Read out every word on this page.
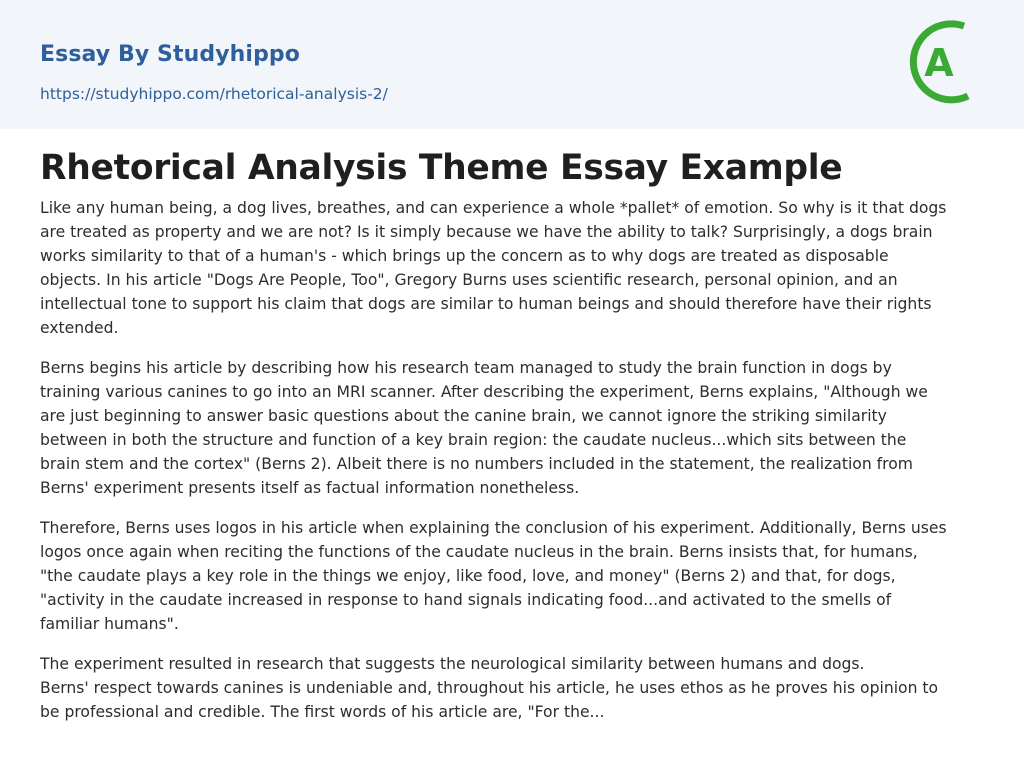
Essay By Studyhippo
https://studyhippo.com/rhetorical-analysis-2/
A
Rhetorical Analysis Theme Essay Example

Like any human being, a dog lives, breathes, and can experience a whole *pallet* of emotion. So why is it that dogs
are treated as property and we are not? Is it simply because we have the ability to talk? Surprisingly, a dogs brain
works similarity to that of a human's - which brings up the concern as to why dogs are treated as disposable
objects. In his article "Dogs Are People, Too", Gregory Burns uses scientific research, personal opinion, and an
intellectual tone to support his claim that dogs are similar to human beings and should therefore have their rights
extended.

Berns begins his article by describing how his research team managed to study the brain function in dogs by
training various canines to go into an MRI scanner. After describing the experiment, Berns explains, "Although we
are just beginning to answer basic questions about the canine brain, we cannot ignore the striking similarity
between in both the structure and function of a key brain region: the caudate nucleus...which sits between the
brain stem and the cortex" (Berns 2). Albeit there is no numbers included in the statement, the realization from
Berns' experiment presents itself as factual information nonetheless.

Therefore, Berns uses logos in his article when explaining the conclusion of his experiment. Additionally, Berns uses
logos once again when reciting the functions of the caudate nucleus in the brain. Berns insists that, for humans,
"the caudate plays a key role in the things we enjoy, like food, love, and money" (Berns 2) and that, for dogs,
"activity in the caudate increased in response to hand signals indicating food...and activated to the smells of
familiar humans".

The experiment resulted in research that suggests the neurological similarity between humans and dogs.
Berns' respect towards canines is undeniable and, throughout his article, he uses ethos as he proves his opinion to
be professional and credible. The first words of his article are, "For the...
